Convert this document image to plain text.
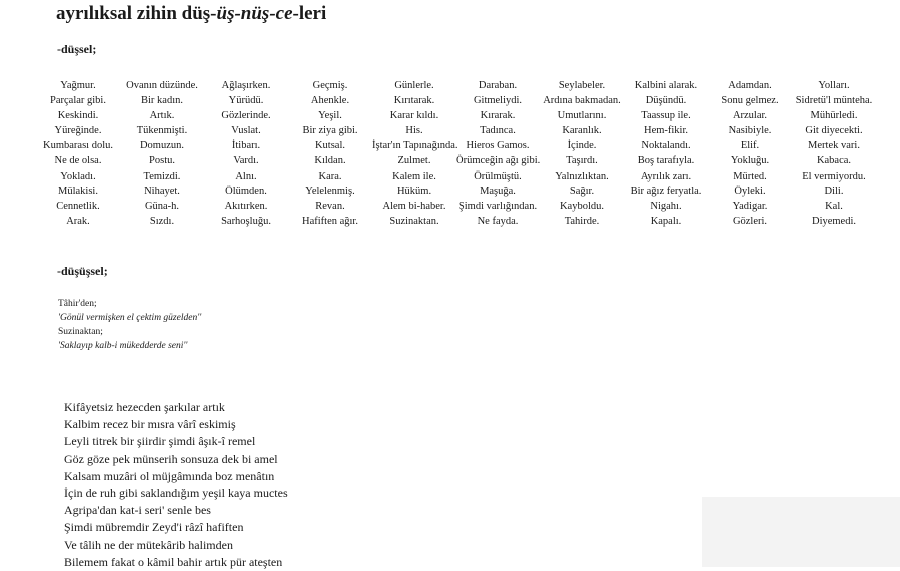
ayrılıksal zihin düş-üş-nüş-ce-leri

-düşsel;

Yağmur.	Ovanın düzünde.	Ağlaşırken.	Geçmiş.	Günlerle.	Daraban.	Seylabeler.	Kalbini alarak.	Adamdan.	Yolları.
Parçalar gibi.	Bir kadın.	Yürüdü.	Ahenkle.	Kırıtarak.	Gitmeliydi.	Ardına bakmadan.	Düşündü.	Sonu gelmez.	Sidretü'l münteha.
Keskindi.	Artık.	Gözlerinde.	Yeşil.	Karar kıldı.	Kırarak.	Umutlarını.	Taassup ile.	Arzular.	Mühürledi.
Yüreğinde.	Tükenmişti.	Vuslat.	Bir ziya gibi.	His.	Tadınca.	Karanlık.	Hem-fikir.	Nasibiyle.	Git diyecekti.
Kumbarası dolu.	Domuzun.	İtibarı.	Kutsal.	İştar'ın Tapınağında.	Hieros Gamos.	İçinde.	Noktalandı.	Elif.	Mertek vari.
Ne de olsa.	Postu.	Vardı.	Kıldan.	Zulmet.	Örümceğin ağı gibi.	Taşırdı.	Boş tarafıyla.	Yokluğu.	Kabaca.
Yokladı.	Temizdi.	Alnı.	Kara.	Kalem ile.	Örülmüştü.	Yalnızlıktan.	Ayrılık zarı.	Mürted.	El vermiyordu.
Mülakisi.	Nihayet.	Ölümden.	Yelelenmiş.	Hüküm.	Maşuğa.	Sağır.	Bir ağız feryatla.	Öyleki.	Dili.
Cennetlik.	Güna-h.	Akıtırken.	Revan.	Alem bi-haber.	Şimdi varlığından.	Kayboldu.	Nigahı.	Yadigar.	Kal.
Arak.	Sızdı.	Sarhoşluğu.	Hafiften ağır.	Suzinaktan.	Ne fayda.	Tahirde.	Kapalı.	Gözleri.	Diyemedi.

-düşüşsel;

Tâhir'den;
'Gönül vermişken el çektim güzelden''
Suzinaktan;
'Saklayıp kalb-i mükedderde seni''
Kifâyetsiz hezecden şarkılar artık
Kalbim recez bir mısra vârî eskimiş
Leyli titrek bir şiirdir şimdi âşık-î remel
Göz göze pek münserih sonsuza dek bi amel
Kalsam muzâri ol müjgâmında boz menâtın
İçin de ruh gibi saklandığım yeşil kaya muctes
Agripa'dan kat-i seri' senle bes
Şimdi mübremdir Zeyd'i râzî hafiften
Ve tâlih ne der mütekârib halimden
Bilemem fakat o kâmil bahir artık pür ateşten
